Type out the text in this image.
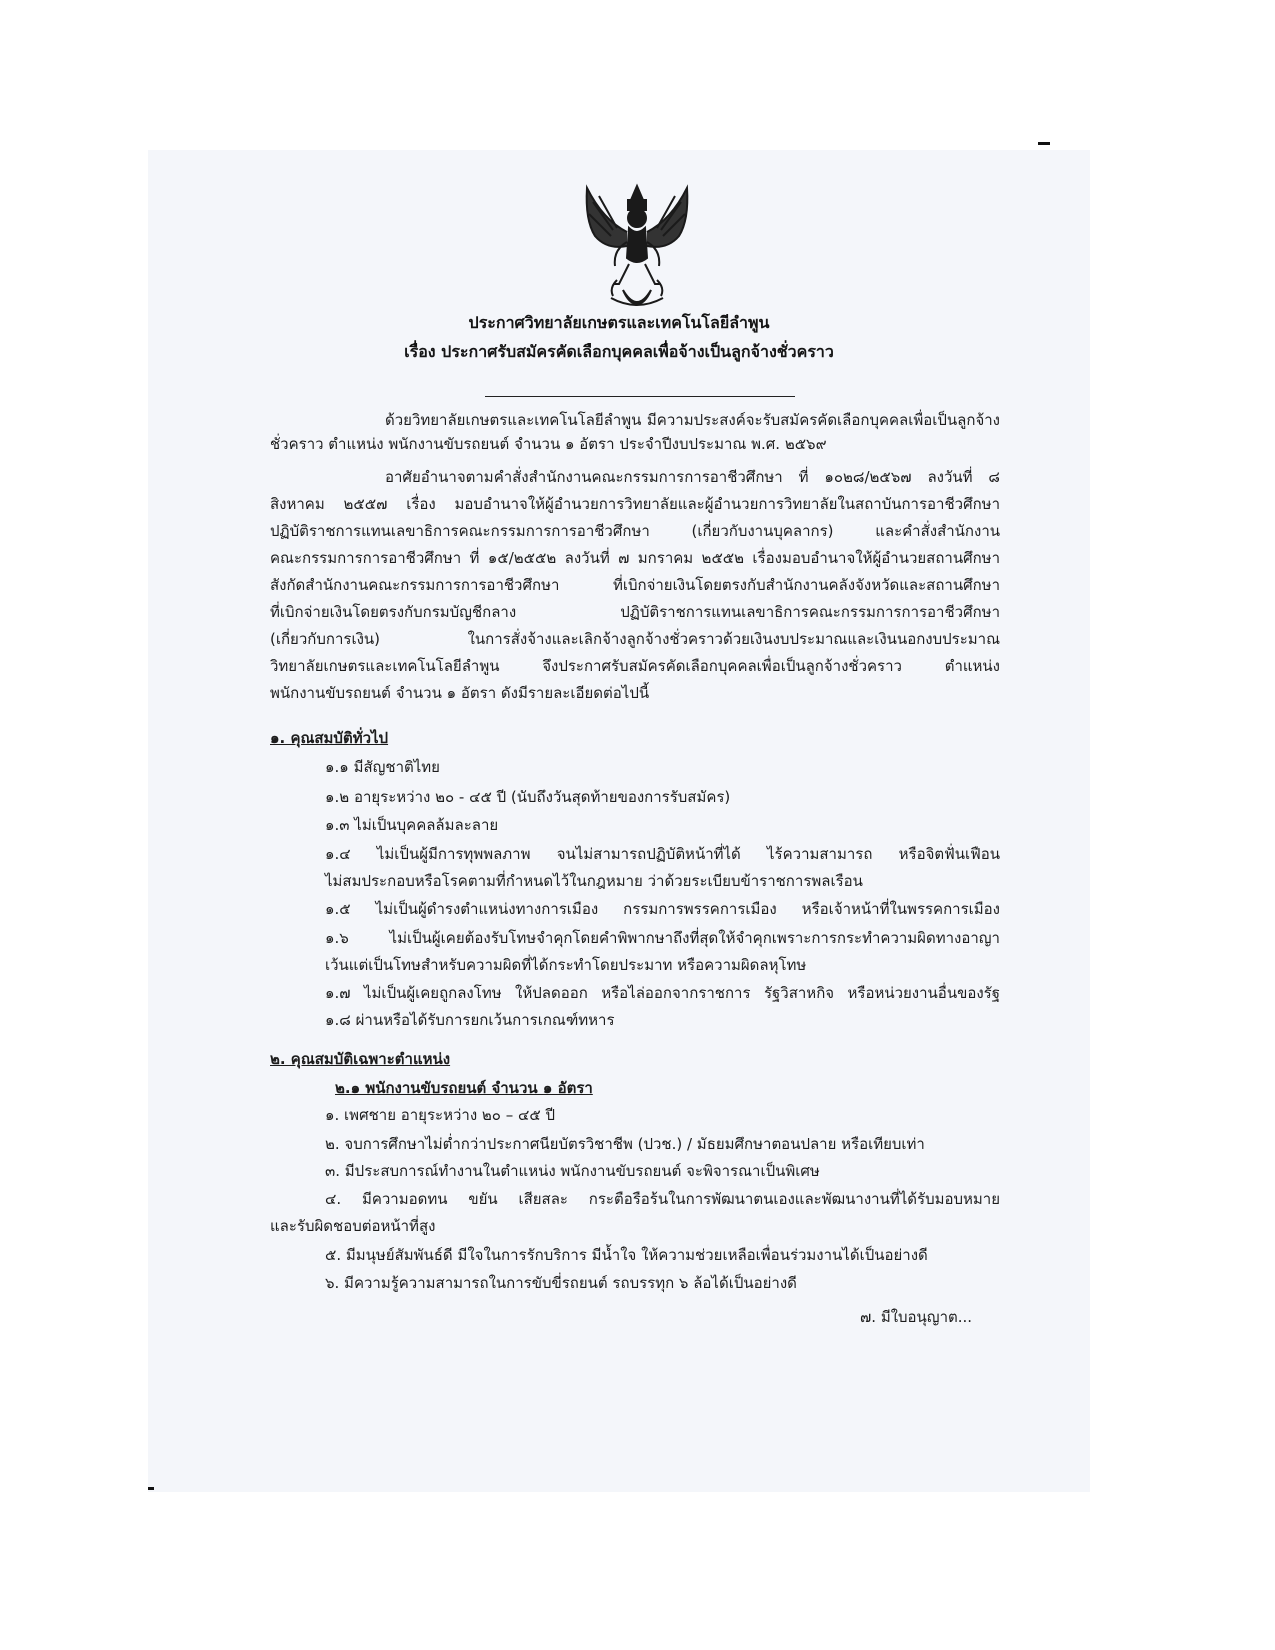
ประกาศวิทยาลัยเกษตรและเทคโนโลยีลำพูน
เรื่อง ประกาศรับสมัครคัดเลือกบุคคลเพื่อจ้างเป็นลูกจ้างชั่วคราว
ด้วยวิทยาลัยเกษตรและเทคโนโลยีลำพูน มีความประสงค์จะรับสมัครคัดเลือกบุคคลเพื่อเป็นลูกจ้าง
ชั่วคราว ตำแหน่ง พนักงานขับรถยนต์ จำนวน ๑ อัตรา ประจำปีงบประมาณ พ.ศ. ๒๕๖๙
อาศัยอำนาจตามคำสั่งสำนักงานคณะกรรมการการอาชีวศึกษา ที่ ๑๐๒๘/๒๕๖๗ ลงวันที่ ๘
สิงหาคม ๒๕๕๗ เรื่อง มอบอำนาจให้ผู้อำนวยการวิทยาลัยและผู้อำนวยการวิทยาลัยในสถาบันการอาชีวศึกษา
ปฏิบัติราชการแทนเลขาธิการคณะกรรมการการอาชีวศึกษา (เกี่ยวกับงานบุคลากร) และคำสั่งสำนักงาน
คณะกรรมการการอาชีวศึกษา ที่ ๑๕/๒๕๕๒ ลงวันที่ ๗ มกราคม ๒๕๕๒ เรื่องมอบอำนาจให้ผู้อำนวยสถานศึกษา
สังกัดสำนักงานคณะกรรมการการอาชีวศึกษา ที่เบิกจ่ายเงินโดยตรงกับสำนักงานคลังจังหวัดและสถานศึกษา
ที่เบิกจ่ายเงินโดยตรงกับกรมบัญชีกลาง ปฏิบัติราชการแทนเลขาธิการคณะกรรมการการอาชีวศึกษา
(เกี่ยวกับการเงิน) ในการสั่งจ้างและเลิกจ้างลูกจ้างชั่วคราวด้วยเงินงบประมาณและเงินนอกงบประมาณ
วิทยาลัยเกษตรและเทคโนโลยีลำพูน จึงประกาศรับสมัครคัดเลือกบุคคลเพื่อเป็นลูกจ้างชั่วคราว ตำแหน่ง
พนักงานขับรถยนต์ จำนวน ๑ อัตรา ดังมีรายละเอียดต่อไปนี้
๑. คุณสมบัติทั่วไป
๑.๑ มีสัญชาติไทย
๑.๒ อายุระหว่าง ๒๐ - ๔๕ ปี (นับถึงวันสุดท้ายของการรับสมัคร)
๑.๓ ไม่เป็นบุคคลล้มละลาย
๑.๔ ไม่เป็นผู้มีการทุพพลภาพ จนไม่สามารถปฏิบัติหน้าที่ได้ ไร้ความสามารถ หรือจิตฟั่นเฟือน
ไม่สมประกอบหรือโรคตามที่กำหนดไว้ในกฎหมาย ว่าด้วยระเบียบข้าราชการพลเรือน
๑.๕ ไม่เป็นผู้ดำรงตำแหน่งทางการเมือง กรรมการพรรคการเมือง หรือเจ้าหน้าที่ในพรรคการเมือง
๑.๖ ไม่เป็นผู้เคยต้องรับโทษจำคุกโดยคำพิพากษาถึงที่สุดให้จำคุกเพราะการกระทำความผิดทางอาญา
เว้นแต่เป็นโทษสำหรับความผิดที่ได้กระทำโดยประมาท หรือความผิดลหุโทษ
๑.๗ ไม่เป็นผู้เคยถูกลงโทษ ให้ปลดออก หรือไล่ออกจากราชการ รัฐวิสาหกิจ หรือหน่วยงานอื่นของรัฐ
๑.๘ ผ่านหรือได้รับการยกเว้นการเกณฑ์ทหาร
๒. คุณสมบัติเฉพาะตำแหน่ง
๒.๑ พนักงานขับรถยนต์ จำนวน ๑ อัตรา
๑. เพศชาย อายุระหว่าง ๒๐ – ๔๕ ปี
๒. จบการศึกษาไม่ต่ำกว่าประกาศนียบัตรวิชาชีพ (ปวช.) / มัธยมศึกษาตอนปลาย หรือเทียบเท่า
๓. มีประสบการณ์ทำงานในตำแหน่ง พนักงานขับรถยนต์ จะพิจารณาเป็นพิเศษ
๔. มีความอดทน ขยัน เสียสละ กระตือรือร้นในการพัฒนาตนเองและพัฒนางานที่ได้รับมอบหมาย
และรับผิดชอบต่อหน้าที่สูง
๕. มีมนุษย์สัมพันธ์ดี มีใจในการรักบริการ มีน้ำใจ ให้ความช่วยเหลือเพื่อนร่วมงานได้เป็นอย่างดี
๖. มีความรู้ความสามารถในการขับขี่รถยนต์ รถบรรทุก ๖ ล้อได้เป็นอย่างดี
๗. มีใบอนุญาต...
